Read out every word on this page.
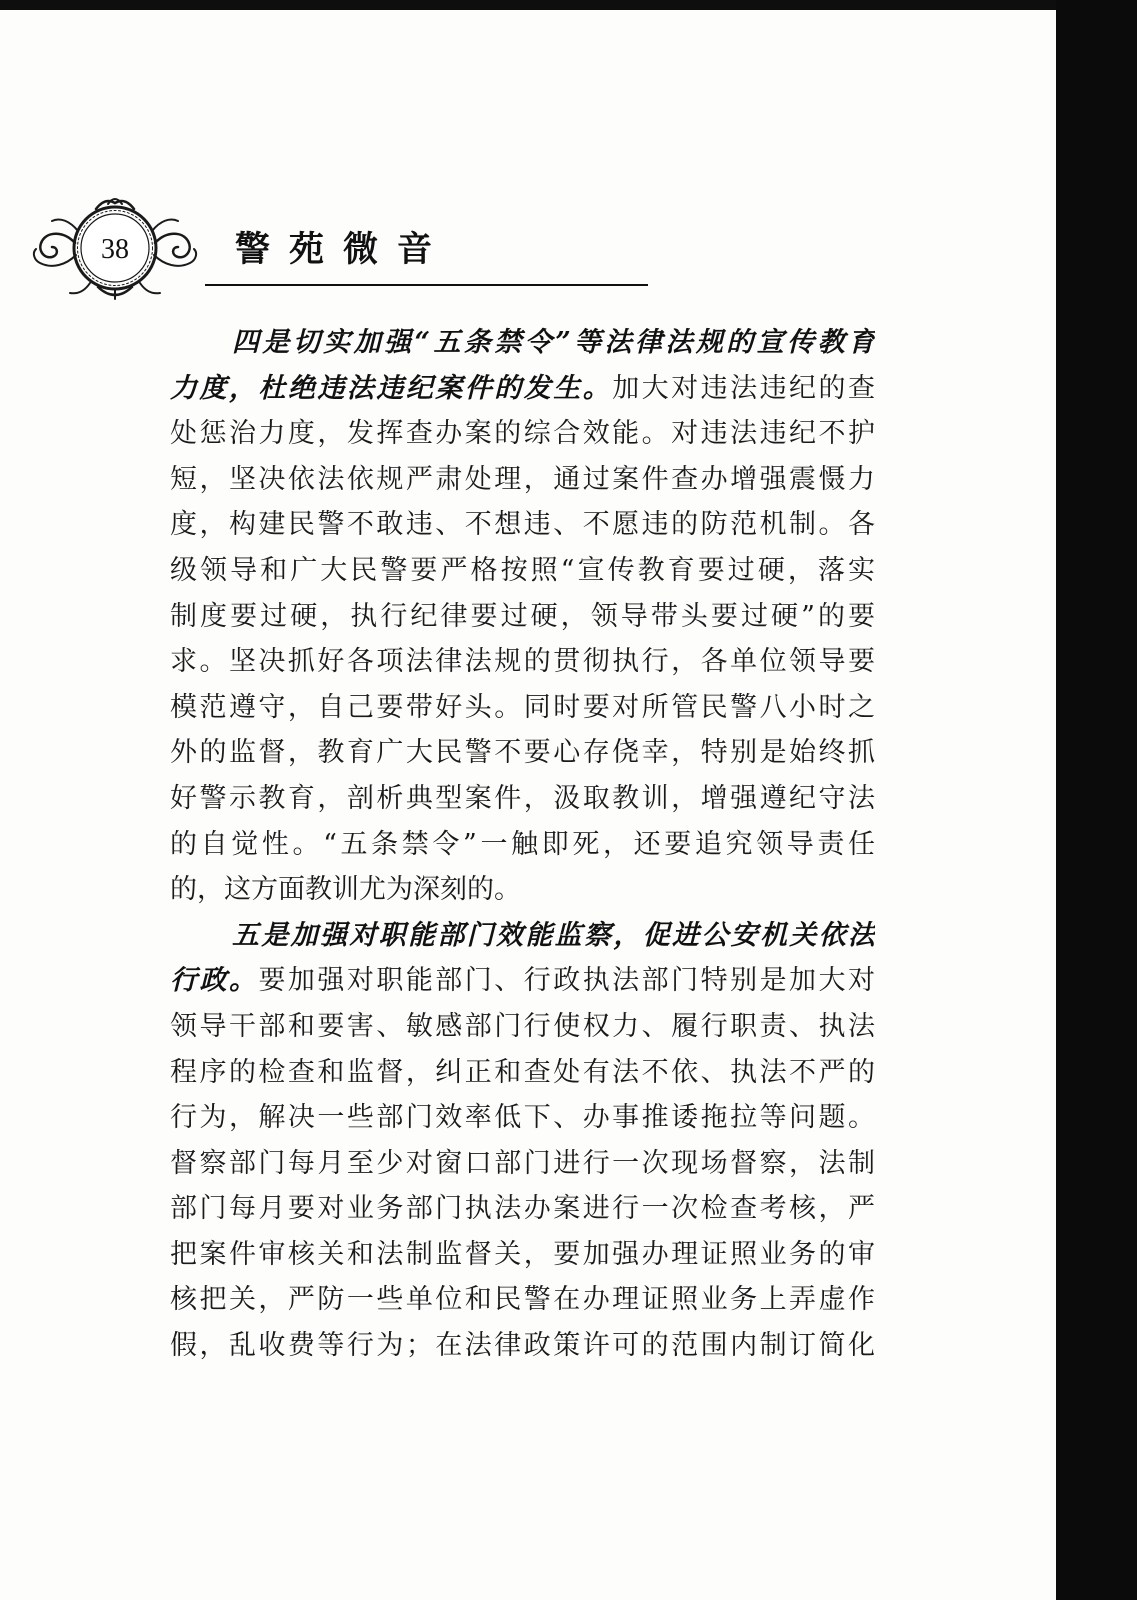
38	警苑微音
四是切实加强“五条禁令”等法律法规的宣传教育
力度，杜绝违法违纪案件的发生。加大对违法违纪的查
处惩治力度，发挥查办案的综合效能。对违法违纪不护
短，坚决依法依规严肃处理，通过案件查办增强震慑力
度，构建民警不敢违、不想违、不愿违的防范机制。各
级领导和广大民警要严格按照“宣传教育要过硬，落实
制度要过硬，执行纪律要过硬，领导带头要过硬”的要
求。坚决抓好各项法律法规的贯彻执行，各单位领导要
模范遵守，自己要带好头。同时要对所管民警八小时之
外的监督，教育广大民警不要心存侥幸，特别是始终抓
好警示教育，剖析典型案件，汲取教训，增强遵纪守法
的自觉性。“五条禁令”一触即死，还要追究领导责任
的，这方面教训尤为深刻的。
五是加强对职能部门效能监察，促进公安机关依法
行政。要加强对职能部门、行政执法部门特别是加大对
领导干部和要害、敏感部门行使权力、履行职责、执法
程序的检查和监督，纠正和查处有法不依、执法不严的
行为，解决一些部门效率低下、办事推诿拖拉等问题。
督察部门每月至少对窗口部门进行一次现场督察，法制
部门每月要对业务部门执法办案进行一次检查考核，严
把案件审核关和法制监督关，要加强办理证照业务的审
核把关，严防一些单位和民警在办理证照业务上弄虚作
假，乱收费等行为；在法律政策许可的范围内制订简化
